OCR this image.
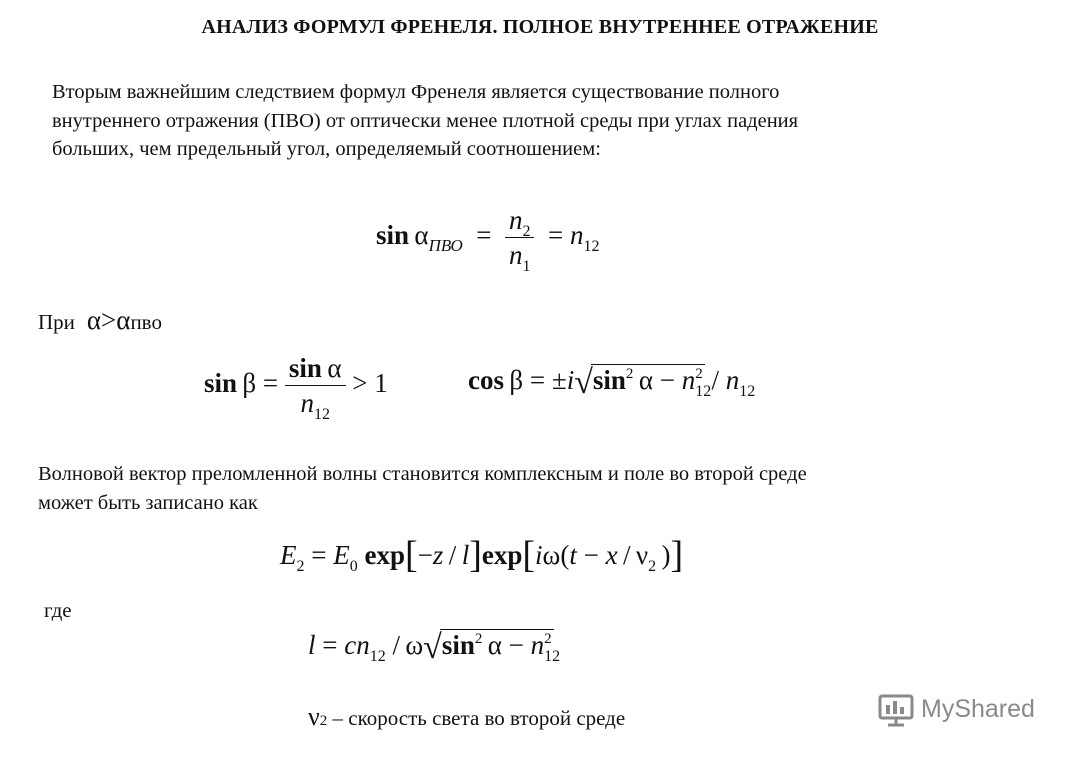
АНАЛИЗ ФОРМУЛ ФРЕНЕЛЯ. ПОЛНОЕ ВНУТРЕННЕЕ ОТРАЖЕНИЕ
Вторым важнейшим следствием формул Френеля является существование полного
внутреннего отражения (ПВО) от оптически менее плотной среды при углах падения
больших, чем предельный угол, определяемый соотношением:
$\sin \alpha_{ПВО} = \frac{n_2}{n_1} = n_{12}$
При  α>αпво
$\sin \beta = \frac{\text{sin α}}{n_{12}} > 1$	$\cos \beta = \pm i√\sin^2$ $\alpha - n_{12}^2 / n_{12}$
Волновой вектор преломленной волны становится комплексным и поле во второй среде
может быть записано как
$E_2 = E_0$ $\exp[-z / l]\exp[i\omega(t - x / \nu_2$ )]
где
$l = cn_{12} / \omega√\sin^2$ $\alpha - n_{12}^2$
ν2 – скорость света во второй среде	MyShared
